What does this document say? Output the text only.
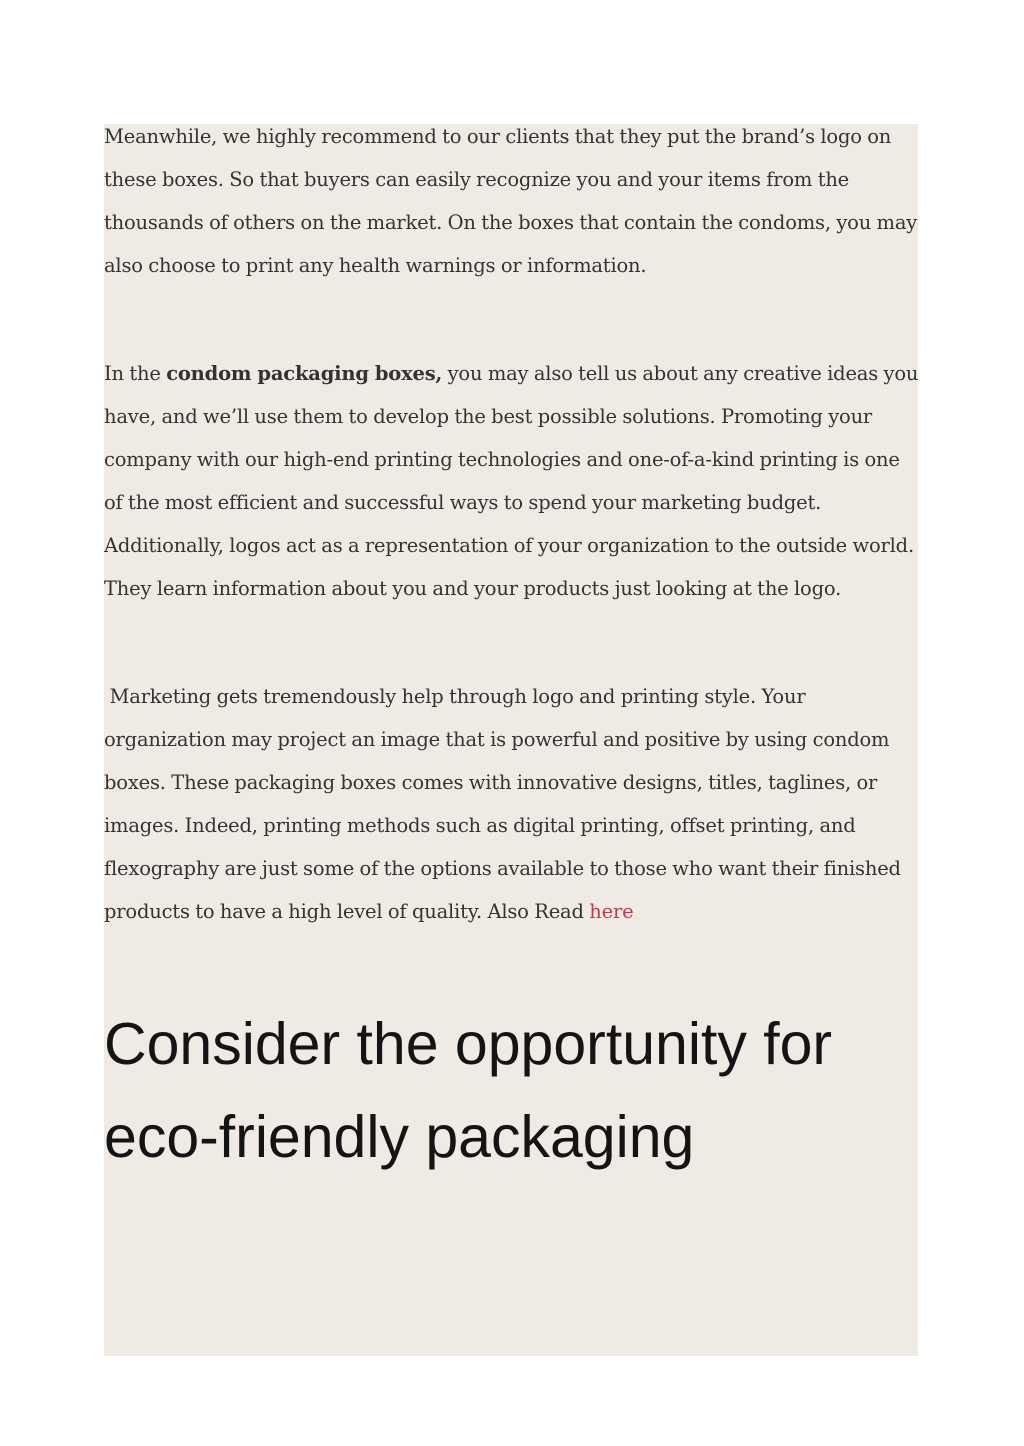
Meanwhile, we highly recommend to our clients that they put the brand’s logo on
these boxes. So that buyers can easily recognize you and your items from the
thousands of others on the market. On the boxes that contain the condoms, you may
also choose to print any health warnings or information.

In the condom packaging boxes, you may also tell us about any creative ideas you
have, and we’ll use them to develop the best possible solutions. Promoting your
company with our high-end printing technologies and one-of-a-kind printing is one
of the most efficient and successful ways to spend your marketing budget.
Additionally, logos act as a representation of your organization to the outside world.
They learn information about you and your products just looking at the logo.

Marketing gets tremendously help through logo and printing style. Your
organization may project an image that is powerful and positive by using condom
boxes. These packaging boxes comes with innovative designs, titles, taglines, or
images. Indeed, printing methods such as digital printing, offset printing, and
flexography are just some of the options available to those who want their finished
products to have a high level of quality. Also Read here

Consider the opportunity for
eco-friendly packaging
